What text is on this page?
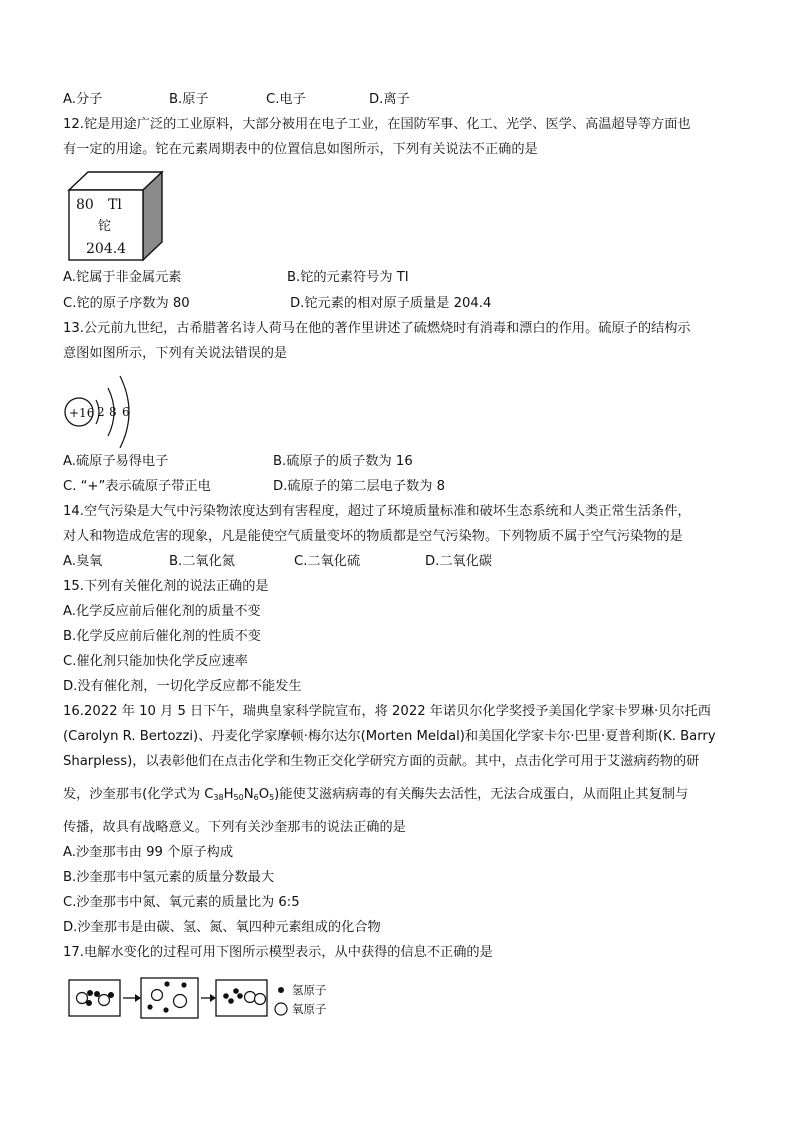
A.分子	B.原子	C.电子	D.离子
12.铊是用途广泛的工业原料，大部分被用在电子工业，在国防军事、化工、光学、医学、高温超导等方面也
有一定的用途。铊在元素周期表中的位置信息如图所示，下列有关说法不正确的是
80 Tl
铊
204.4
A.铊属于非金属元素	B.铊的元素符号为 TI
C.铊的原子序数为 80	D.铊元素的相对原子质量是 204.4
13.公元前九世纪，古希腊著名诗人荷马在他的著作里讲述了硫燃烧时有消毒和漂白的作用。硫原子的结构示
意图如图所示，下列有关说法错误的是
+16 2 8 6
A.硫原子易得电子	B.硫原子的质子数为 16
C. “+”表示硫原子带正电	D.硫原子的第二层电子数为 8
14.空气污染是大气中污染物浓度达到有害程度，超过了环境质量标准和破坏生态系统和人类正常生活条件，
对人和物造成危害的现象，凡是能使空气质量变坏的物质都是空气污染物。下列物质不属于空气污染物的是
A.臭氧	B.二氧化氮	C.二氧化硫	D.二氧化碳
15.下列有关催化剂的说法正确的是
A.化学反应前后催化剂的质量不变
B.化学反应前后催化剂的性质不变
C.催化剂只能加快化学反应速率
D.没有催化剂，一切化学反应都不能发生
16.2022 年 10 月 5 日下午，瑞典皇家科学院宣布，将 2022 年诺贝尔化学奖授予美国化学家卡罗琳·贝尔托西
(Carolyn R. Bertozzi)、丹麦化学家摩顿·梅尔达尔(Morten Meldal)和美国化学家卡尔·巴里·夏普利斯(K. Barry
Sharpless)，以表彰他们在点击化学和生物正交化学研究方面的贡献。其中，点击化学可用于艾滋病药物的研
发，沙奎那韦(化学式为 $C_{38}H_{50}N_6O_5$)能使艾滋病病毒的有关酶失去活性，无法合成蛋白，从而阻止其复制与
传播，故具有战略意义。下列有关沙奎那韦的说法正确的是
A.沙奎那韦由 99 个原子构成
B.沙奎那韦中氢元素的质量分数最大
C.沙奎那韦中氮、氧元素的质量比为 6:5
D.沙奎那韦是由碳、氢、氮、氧四种元素组成的化合物
17.电解水变化的过程可用下图所示模型表示，从中获得的信息不正确的是
氢原子
氧原子
